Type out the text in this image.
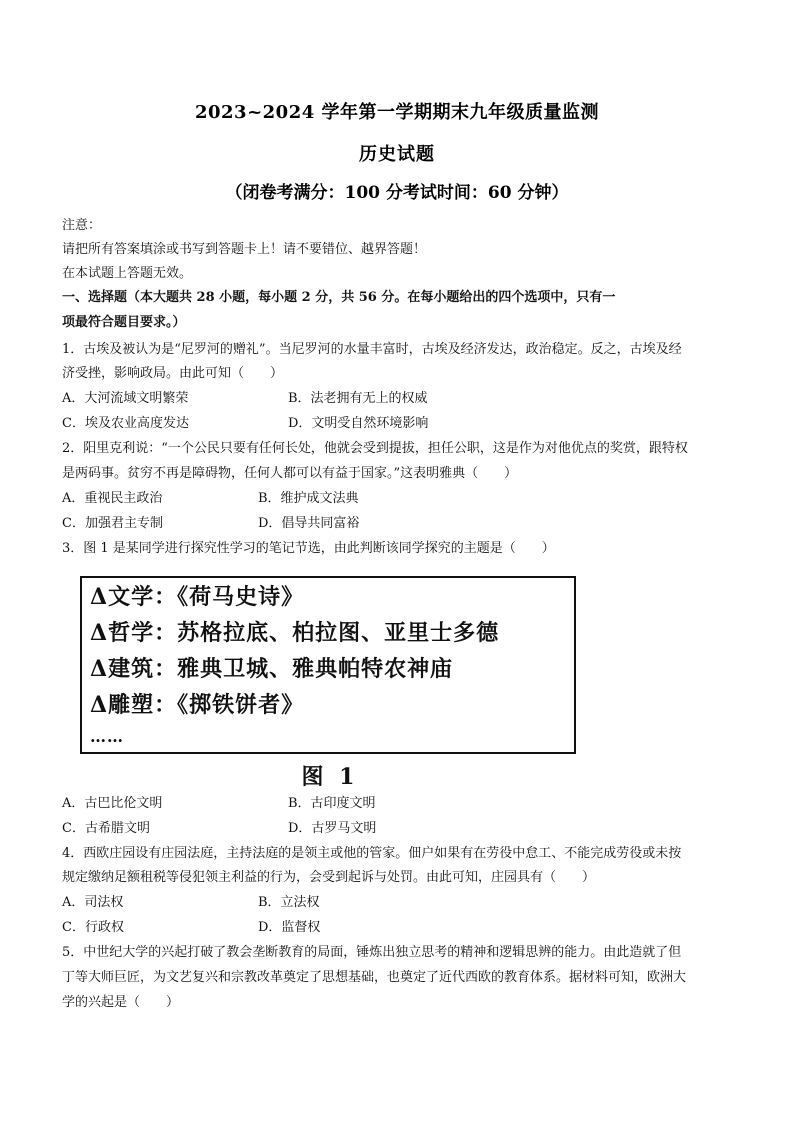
2023~2024 学年第一学期期末九年级质量监测
历史试题
（闭卷考满分：100 分考试时间：60 分钟）
注意：
请把所有答案填涂或书写到答题卡上！请不要错位、越界答题！
在本试题上答题无效。
一、选择题（本大题共 28 小题，每小题 2 分，共 56 分。在每小题给出的四个选项中，只有一
项最符合题目要求。）
1．古埃及被认为是“尼罗河的赠礼”。当尼罗河的水量丰富时，古埃及经济发达，政治稳定。反之，古埃及经
济受挫，影响政局。由此可知（　　）
A．大河流域文明繁荣	B．法老拥有无上的权威
C．埃及农业高度发达	D．文明受自然环境影响
2．阳里克利说：“一个公民只要有任何长处，他就会受到提拔，担任公职，这是作为对他优点的奖赏，跟特权
是两码事。贫穷不再是障碍物，任何人都可以有益于国家。”这表明雅典（　　）
A．重视民主政治	B．维护成文法典
C．加强君主专制	D．倡导共同富裕
3．图 1 是某同学进行探究性学习的笔记节选，由此判断该同学探究的主题是（　　）
Δ文学：《荷马史诗》
Δ哲学：苏格拉底、柏拉图、亚里士多德
Δ建筑：雅典卫城、雅典帕特农神庙
Δ雕塑：《掷铁饼者》
……
图 1
A．古巴比伦文明	B．古印度文明
C．古希腊文明	D．古罗马文明
4．西欧庄园设有庄园法庭，主持法庭的是领主或他的管家。佃户如果有在劳役中怠工、不能完成劳役或未按
规定缴纳足额租税等侵犯领主利益的行为，会受到起诉与处罚。由此可知，庄园具有（　　）
A．司法权	B．立法权
C．行政权	D．监督权
5．中世纪大学的兴起打破了教会垄断教育的局面，锤炼出独立思考的精神和逻辑思辨的能力。由此造就了但
丁等大师巨匠，为文艺复兴和宗教改革奠定了思想基础，也奠定了近代西欧的教育体系。据材料可知，欧洲大
学的兴起是（　　）
